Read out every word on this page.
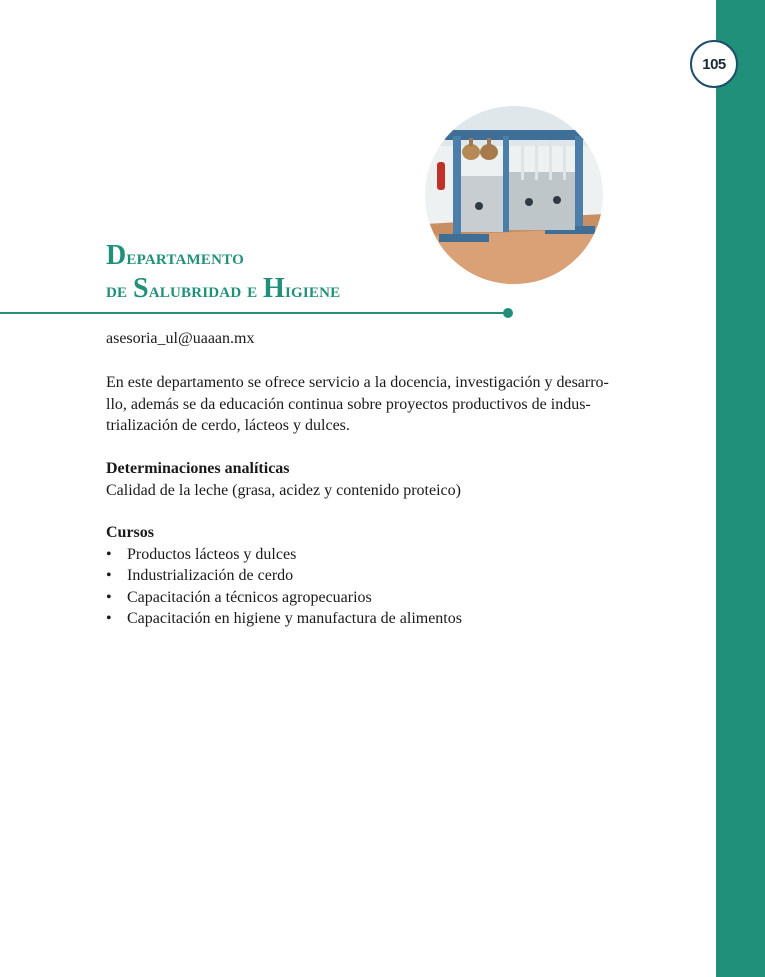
105
Departamento
de Salubridad e Higiene

asesoria_ul@uaaan.mx

En este departamento se ofrece servicio a la docencia, investigación y desarro-
llo, además se da educación continua sobre proyectos productivos de indus-
trialización de cerdo, lácteos y dulces.

Determinaciones analíticas

Calidad de la leche (grasa, acidez y contenido proteico)

Cursos
• Productos lácteos y dulces
• Industrialización de cerdo
• Capacitación a técnicos agropecuarios
• Capacitación en higiene y manufactura de alimentos
